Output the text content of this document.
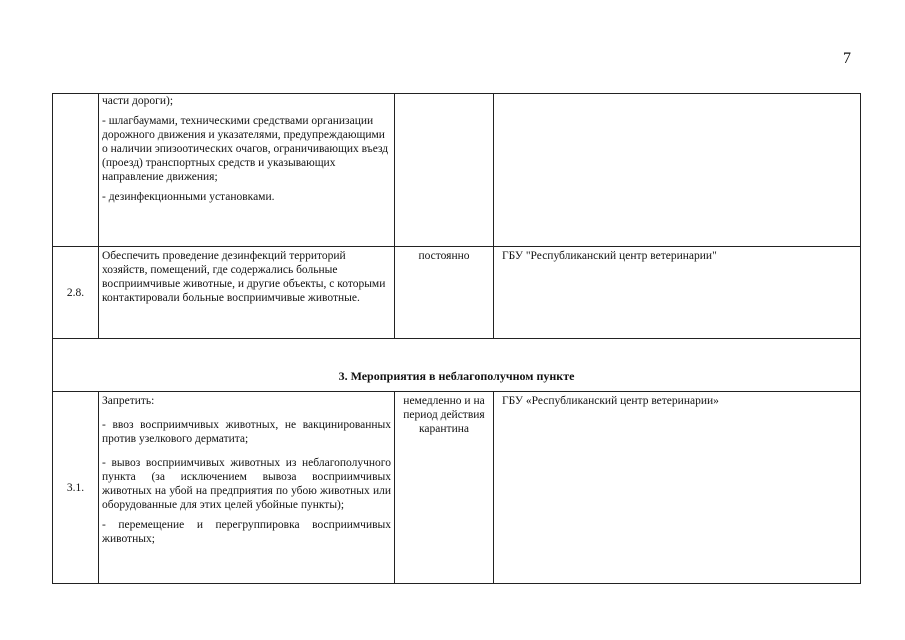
7

	части дороги);

- шлагбаумами, техническими средствами организации дорожного движения и указателями, предупреждающими о наличии эпизоотических очагов, ограничивающих въезд (проезд) транспортных средств и указывающих направление движения;

- дезинфекционными установками.		

2.8.	Обеспечить проведение дезинфекций территорий хозяйств, помещений, где содержались больные восприимчивые животные, и другие объекты, с которыми контактировали больные восприимчивые животные.	постоянно	ГБУ "Республиканский центр ветеринарии"
3. Мероприятия в неблагополучном пункте			
3.1.	Запретить:

- ввоз восприимчивых животных, не вакцинированных против узелкового дерматита;

- вывоз восприимчивых животных из неблагополучного пункта (за исключением вывоза восприимчивых животных на убой на предприятия по убою животных или оборудованные для этих целей убойные пункты);

- перемещение и перегруппировка восприимчивых животных;	немедленно и на период действия карантина	ГБУ «Республиканский центр ветеринарии»
